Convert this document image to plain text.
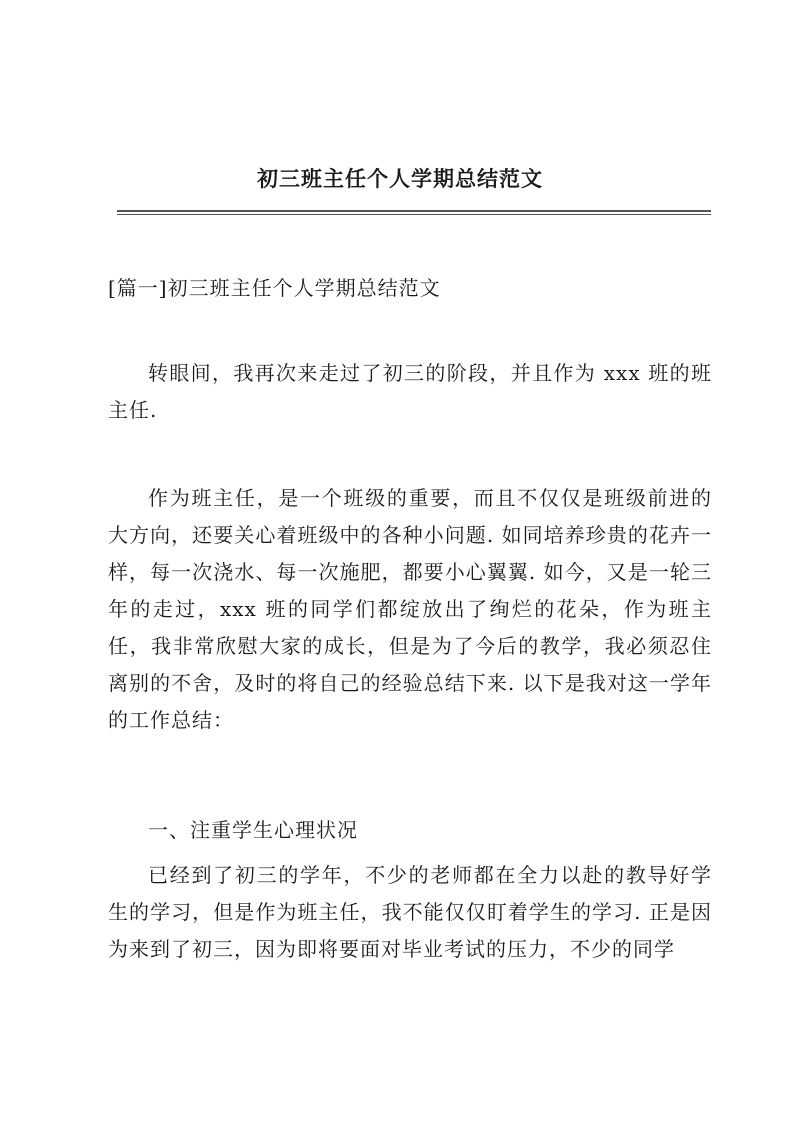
初三班主任个人学期总结范文
[篇一]初三班主任个人学期总结范文

转眼间，我再次来走过了初三的阶段，并且作为 xxx 班的班主任.

作为班主任，是一个班级的重要，而且不仅仅是班级前进的大方向，还要关心着班级中的各种小问题. 如同培养珍贵的花卉一样，每一次浇水、每一次施肥，都要小心翼翼. 如今，又是一轮三年的走过，xxx 班的同学们都绽放出了绚烂的花朵，作为班主任，我非常欣慰大家的成长，但是为了今后的教学，我必须忍住离别的不舍，及时的将自己的经验总结下来. 以下是我对这一学年的工作总结：

一、注重学生心理状况

已经到了初三的学年，不少的老师都在全力以赴的教导好学生的学习，但是作为班主任，我不能仅仅盯着学生的学习. 正是因为来到了初三，因为即将要面对毕业考试的压力，不少的同学
